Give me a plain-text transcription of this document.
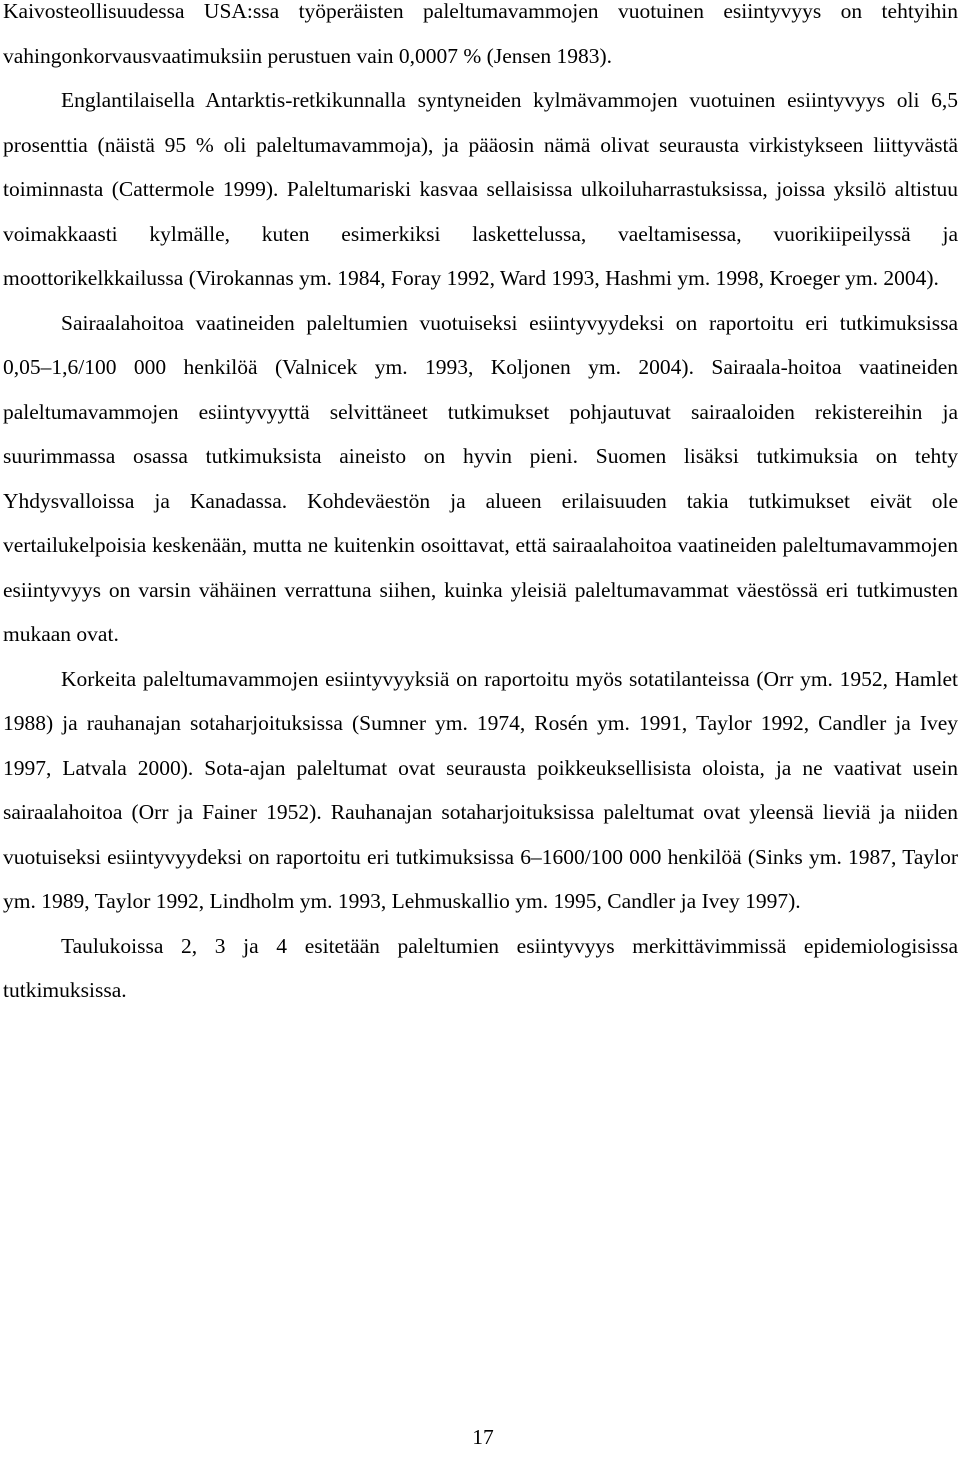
Kaivosteollisuudessa USA:ssa työperäisten paleltumavammojen vuotuinen esiintyvyys on tehtyihin vahingonkorvausvaatimuksiin perustuen vain 0,0007 % (Jensen 1983).

Englantilaisella Antarktis-retkikunnalla syntyneiden kylmävammojen vuotuinen esiintyvyys oli 6,5 prosenttia (näistä 95 % oli paleltumavammoja), ja pääosin nämä olivat seurausta virkistykseen liittyvästä toiminnasta (Cattermole 1999). Paleltumariski kasvaa sellaisissa ulkoiluharrastuksissa, joissa yksilö altistuu voimakkaasti kylmälle, kuten esimerkiksi laskettelussa, vaeltamisessa, vuorikiipeilyssä ja moottorikelkkailussa (Virokannas ym. 1984, Foray 1992, Ward 1993, Hashmi ym. 1998, Kroeger ym. 2004).

Sairaalahoitoa vaatineiden paleltumien vuotuiseksi esiintyvyydeksi on raportoitu eri tutkimuksissa 0,05–1,6/100 000 henkilöä (Valnicek ym. 1993, Koljonen ym. 2004). Sairaala-hoitoa vaatineiden paleltumavammojen esiintyvyyttä selvittäneet tutkimukset pohjautuvat sairaaloiden rekistereihin ja suurimmassa osassa tutkimuksista aineisto on hyvin pieni. Suomen lisäksi tutkimuksia on tehty Yhdysvalloissa ja Kanadassa. Kohdeväestön ja alueen erilaisuuden takia tutkimukset eivät ole vertailukelpoisia keskenään, mutta ne kuitenkin osoittavat, että sairaalahoitoa vaatineiden paleltumavammojen esiintyvyys on varsin vähäinen verrattuna siihen, kuinka yleisiä paleltumavammat väestössä eri tutkimusten mukaan ovat.

Korkeita paleltumavammojen esiintyvyyksiä on raportoitu myös sotatilanteissa (Orr ym. 1952, Hamlet 1988) ja rauhanajan sotaharjoituksissa (Sumner ym. 1974, Rosén ym. 1991, Taylor 1992, Candler ja Ivey 1997, Latvala 2000). Sota-ajan paleltumat ovat seurausta poikkeuksellisista oloista, ja ne vaativat usein sairaalahoitoa (Orr ja Fainer 1952). Rauhanajan sotaharjoituksissa paleltumat ovat yleensä lieviä ja niiden vuotuiseksi esiintyvyydeksi on raportoitu eri tutkimuksissa 6–1600/100 000 henkilöä (Sinks ym. 1987, Taylor ym. 1989, Taylor 1992, Lindholm ym. 1993, Lehmuskallio ym. 1995, Candler ja Ivey 1997).

Taulukoissa 2, 3 ja 4 esitetään paleltumien esiintyvyys merkittävimmissä epidemiologisissa tutkimuksissa.

17
